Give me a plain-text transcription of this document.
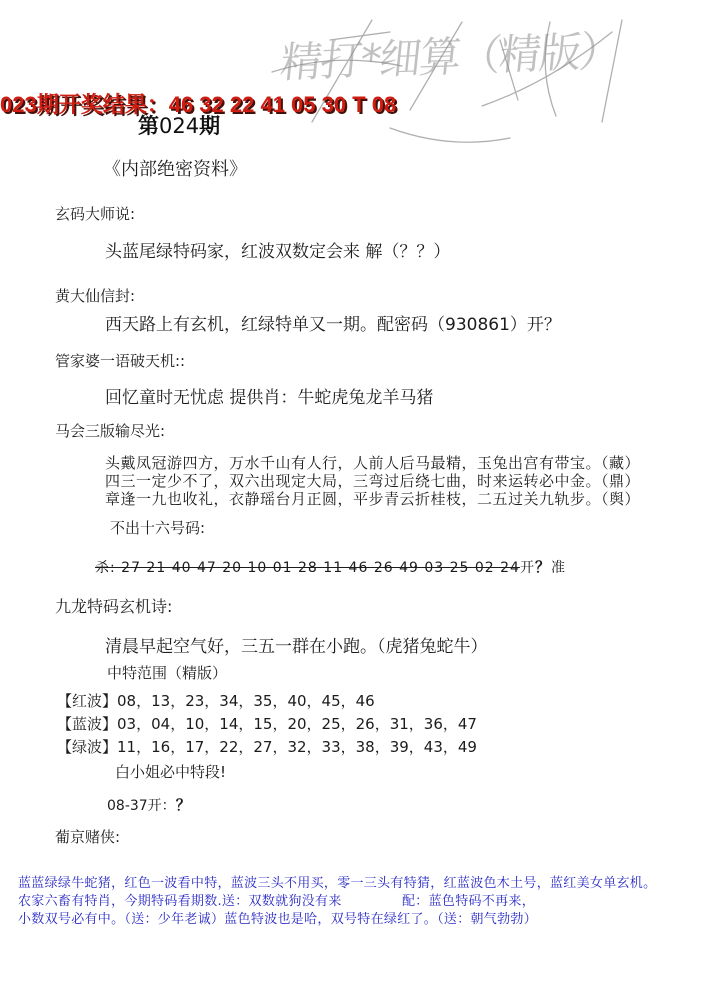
精打*细算（精版）
023期开奖结果：46 32 22 41 05 30 T 08
第024期
《内部绝密资料》
玄码大师说:
头蓝尾绿特码家，红波双数定会来 解（？？）
黄大仙信封:
西天路上有玄机，红绿特单又一期。配密码（930861）开？
管家婆一语破天机::
回忆童时无忧虑 提供肖：牛蛇虎兔龙羊马猪
马会三版输尽光:
头戴凤冠游四方，万水千山有人行，人前人后马最精，玉兔出宫有带宝。（藏）
四三一定少不了，双六出现定大局，三弯过后绕七曲，时来运转必中金。（鼎）
章逢一九也收礼，衣静瑶台月正圆，平步青云折桂枝，二五过关九轨步。（舆）
不出十六号码:
杀: 27 21 40 47 20 10 01 28 11 46 26 49 03 25 02 24开？准
九龙特码玄机诗:
清晨早起空气好，三五一群在小跑。（虎猪兔蛇牛）
中特范围（精版）
【红波】08，13，23，34，35，40，45，46
【蓝波】03，04，10，14，15，20，25，26，31，36，47
【绿波】11，16，17，22，27，32，33，38，39，43，49
白小姐必中特段!
08-37开：？
葡京赌侠:
蓝蓝绿绿牛蛇猪，红色一波看中特，蓝波三头不用买，零一三头有特猜，红蓝波色木土号，蓝红美女单玄机。
农家六畜有特肖，今期特码看期数.送：双数就狗没有来	配：蓝色特码不再来，
小数双号必有中。（送：少年老诚）蓝色特波也是哈，双号特在绿红了。（送：朝气勃勃）
